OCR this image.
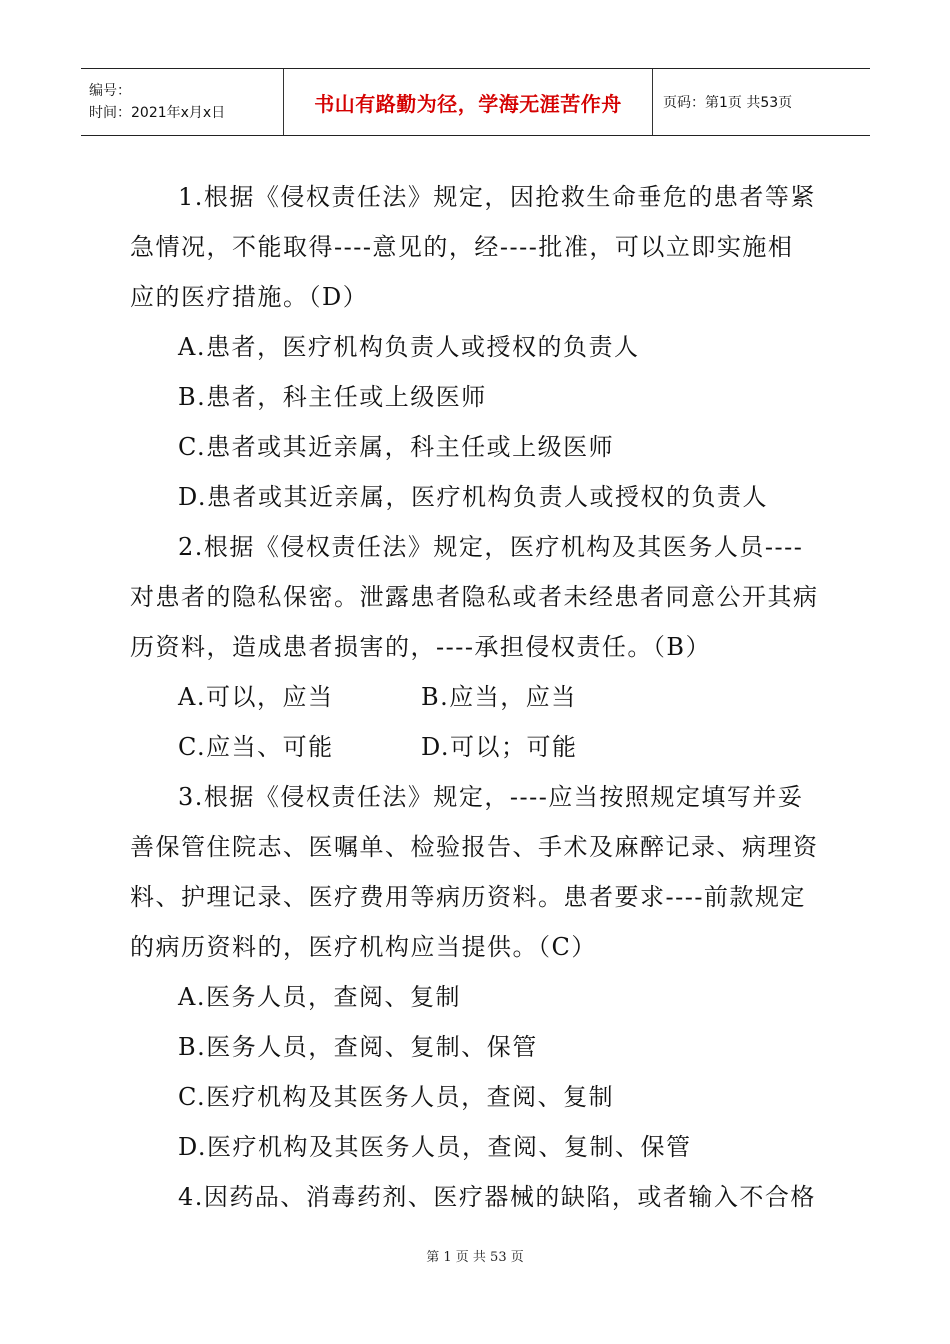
编号：
时间：2021年x月x日	书山有路勤为径，学海无涯苦作舟	页码：第1页 共53页
1.根据《侵权责任法》规定，因抢救生命垂危的患者等紧
急情况，不能取得----意见的，经----批准，可以立即实施相
应的医疗措施。（D）
A.患者，医疗机构负责人或授权的负责人
B.患者，科主任或上级医师
C.患者或其近亲属，科主任或上级医师
D.患者或其近亲属，医疗机构负责人或授权的负责人
2.根据《侵权责任法》规定，医疗机构及其医务人员----
对患者的隐私保密。泄露患者隐私或者未经患者同意公开其病
历资料，造成患者损害的，----承担侵权责任。（B）
A.可以，应当	B.应当，应当
C.应当、可能	D.可以；可能
3.根据《侵权责任法》规定，----应当按照规定填写并妥
善保管住院志、医嘱单、检验报告、手术及麻醉记录、病理资
料、护理记录、医疗费用等病历资料。患者要求----前款规定
的病历资料的，医疗机构应当提供。（C）
A.医务人员，查阅、复制
B.医务人员，查阅、复制、保管
C.医疗机构及其医务人员，查阅、复制
D.医疗机构及其医务人员，查阅、复制、保管
4.因药品、消毒药剂、医疗器械的缺陷，或者输入不合格
第 1 页 共 53 页
